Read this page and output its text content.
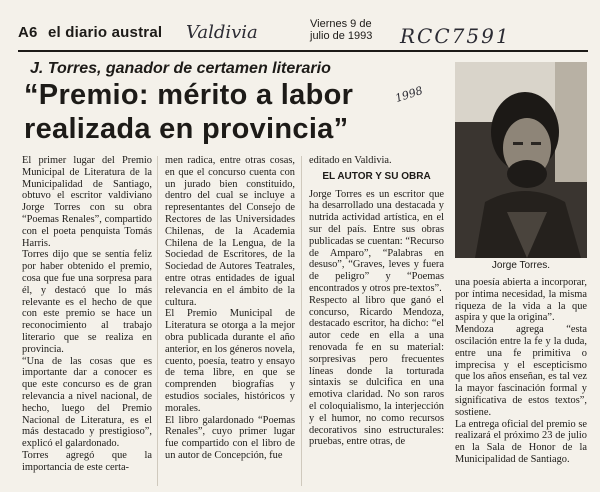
A6 el diario austral Valdivia	Viernes 9 de
julio de 1993	RCC7591
J. Torres, ganador de certamen literario
“Premio: mérito a labor realizada en provincia”
1998
Jorge Torres.
El primer lugar del Premio Municipal de Literatura de la Municipalidad de Santiago, obtuvo el escritor valdiviano Jorge Torres con su obra “Poemas Renales”, compartido con el poeta penquista Tomás Harris.
Torres dijo que se sentía feliz por haber obtenido el premio, cosa que fue una sorpresa para él, y destacó que lo más relevante es el hecho de que con este premio se hace un reconocimiento al trabajo literario que se realiza en provincia.
“Una de las cosas que es importante dar a conocer es que este concurso es de gran relevancia a nivel nacional, de hecho, luego del Premio Nacional de Literatura, es el más destacado y prestigioso”, explicó el galardonado.
Torres agregó que la importancia de este certa-
men radica, entre otras cosas, en que el concurso cuenta con un jurado bien constituido, dentro del cual se incluye a representantes del Consejo de Rectores de las Universidades Chilenas, de la Academia Chilena de la Lengua, de la Sociedad de Escritores, de la Sociedad de Autores Teatrales, entre otras entidades de igual relevancia en el ámbito de la cultura.
El Premio Municipal de Literatura se otorga a la mejor obra publicada durante el año anterior, en los géneros novela, cuento, poesía, teatro y ensayo de tema libre, en que se comprenden biografías y estudios sociales, históricos y morales.
El libro galardonado “Poemas Renales”, cuyo primer lugar fue compartido con el libro de un autor de Concepción, fue
editado en Valdivia.
EL AUTOR Y SU OBRA
Jorge Torres es un escritor que ha desarrollado una destacada y nutrida actividad artística, en el sur del país. Entre sus obras publicadas se cuentan: “Recurso de Amparo”, “Palabras en desuso”, “Graves, leves y fuera de peligro” y “Poemas encontrados y otros pre-textos”.
Respecto al libro que ganó el concurso, Ricardo Mendoza, destacado escritor, ha dicho: “el autor cede en ella a una renovada fe en su material: sorpresivas pero frecuentes líneas donde la torturada sintaxis se dulcifica en una emotiva claridad. No son raros el coloquialismo, la interjección y el humor, no como recursos decorativos sino estructurales: pruebas, entre otras, de
una poesía abierta a incorporar, por íntima necesidad, la misma riqueza de la vida a la que aspira y que la origina”.
Mendoza agrega “esta oscilación entre la fe y la duda, entre una fe primitiva o imprecisa y el escepticismo que los años enseñan, es tal vez la mayor fascinación formal y significativa de estos textos”, sostiene.
La entrega oficial del premio se realizará el próximo 23 de julio en la Sala de Honor de la Municipalidad de Santiago.
